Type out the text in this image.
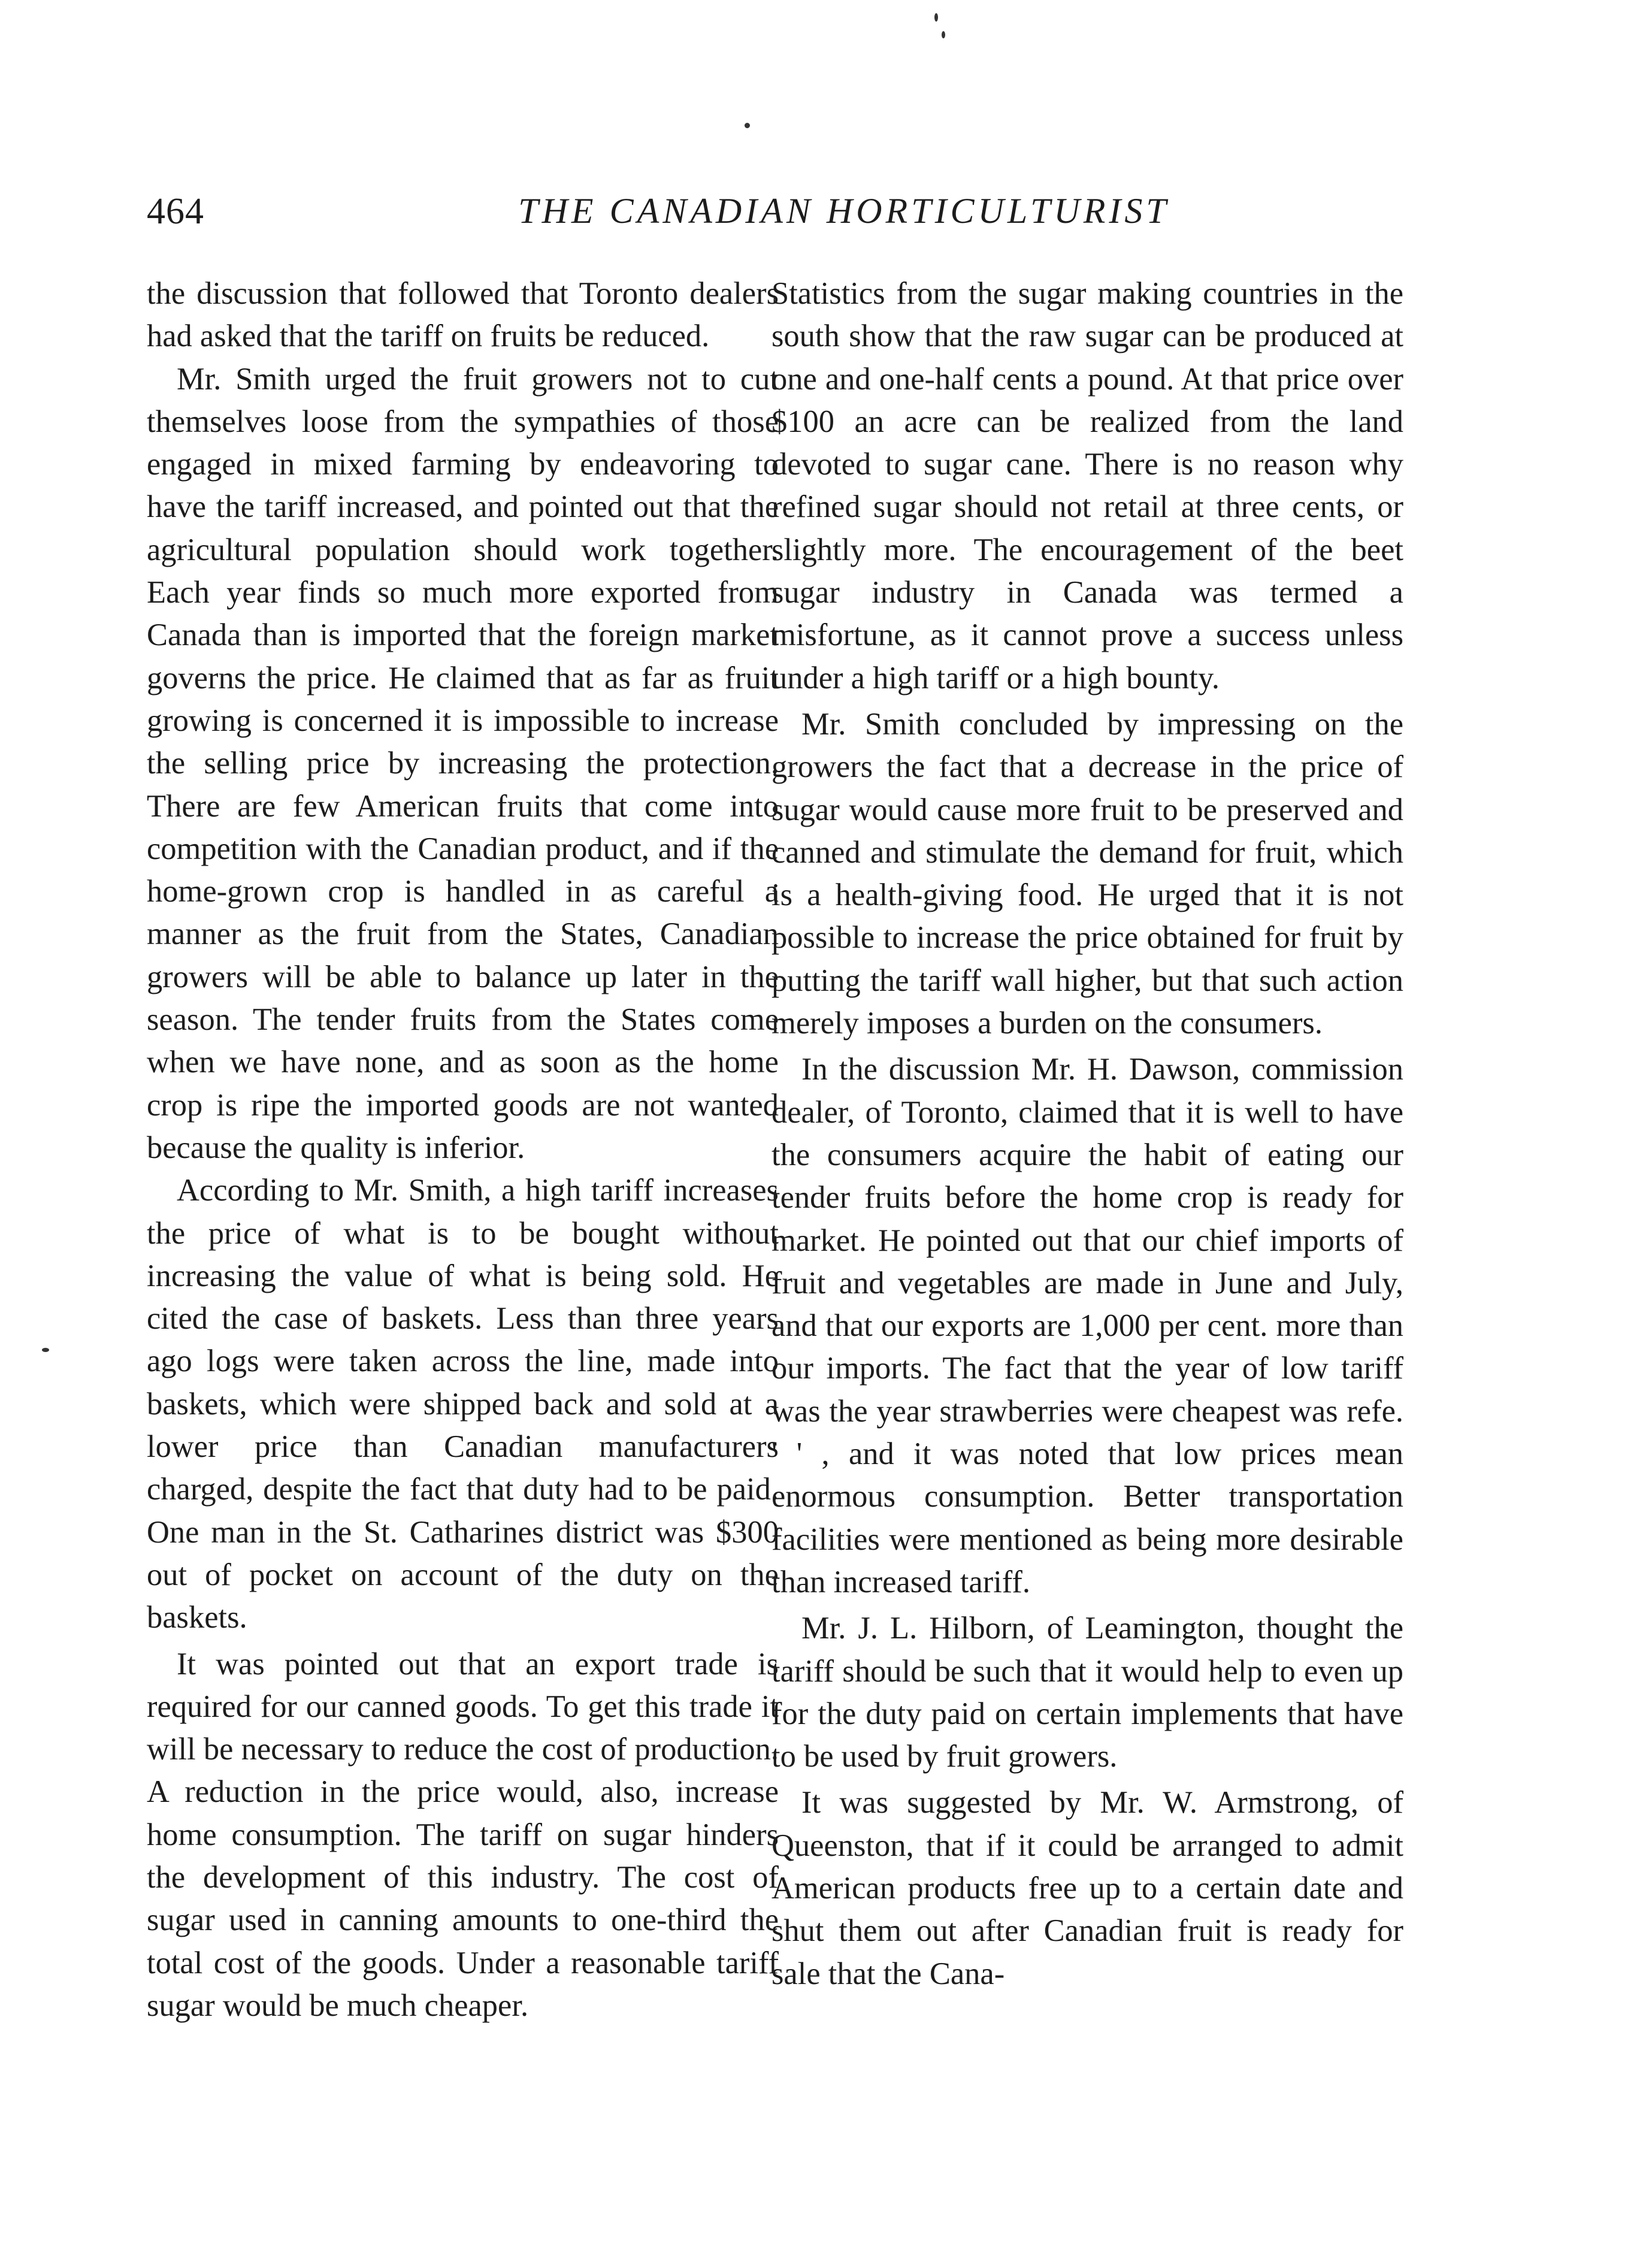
464	THE CANADIAN HORTICULTURIST

the discussion that followed that Toronto dealers had asked that the tariff on fruits be reduced.

Mr. Smith urged the fruit growers not to cut themselves loose from the sympathies of those engaged in mixed farming by endeavoring to have the tariff increased, and pointed out that the agricultural population should work together. Each year finds so much more exported from Canada than is imported that the foreign market governs the price. He claimed that as far as fruit growing is concerned it is impossible to increase the selling price by increasing the protection. There are few American fruits that come into competition with the Canadian product, and if the home-grown crop is handled in as careful a manner as the fruit from the States, Canadian growers will be able to balance up later in the season. The tender fruits from the States come when we have none, and as soon as the home crop is ripe the imported goods are not wanted because the quality is inferior.

According to Mr. Smith, a high tariff increases the price of what is to be bought without increasing the value of what is being sold. He cited the case of baskets. Less than three years ago logs were taken across the line, made into baskets, which were shipped back and sold at a lower price than Canadian manufacturers charged, despite the fact that duty had to be paid. One man in the St. Catharines district was $300 out of pocket on account of the duty on the baskets.

It was pointed out that an export trade is required for our canned goods. To get this trade it will be necessary to reduce the cost of production. A reduction in the price would, also, increase home consumption. The tariff on sugar hinders the development of this industry. The cost of sugar used in canning amounts to one-third the total cost of the goods. Under a reasonable tariff sugar would be much cheaper.

Statistics from the sugar making countries in the south show that the raw sugar can be produced at one and one-half cents a pound. At that price over $100 an acre can be realized from the land devoted to sugar cane. There is no reason why refined sugar should not retail at three cents, or slightly more. The encouragement of the beet sugar industry in Canada was termed a misfortune, as it cannot prove a success unless under a high tariff or a high bounty.

Mr. Smith concluded by impressing on the growers the fact that a decrease in the price of sugar would cause more fruit to be preserved and canned and stimulate the demand for fruit, which is a health-giving food. He urged that it is not possible to increase the price obtained for fruit by putting the tariff wall higher, but that such action merely imposes a burden on the consumers.

In the discussion Mr. H. Dawson, commission dealer, of Toronto, claimed that it is well to have the consumers acquire the habit of eating our tender fruits before the home crop is ready for market. He pointed out that our chief imports of fruit and vegetables are made in June and July, and that our exports are 1,000 per cent. more than our imports. The fact that the year of low tariff was the year strawberries were cheapest was refe. ' ' , and it was noted that low prices mean enormous consumption. Better transportation facilities were mentioned as being more desirable than increased tariff.

Mr. J. L. Hilborn, of Leamington, thought the tariff should be such that it would help to even up for the duty paid on certain implements that have to be used by fruit growers.

It was suggested by Mr. W. Armstrong, of Queenston, that if it could be arranged to admit American products free up to a certain date and shut them out after Canadian fruit is ready for sale that the Cana-
